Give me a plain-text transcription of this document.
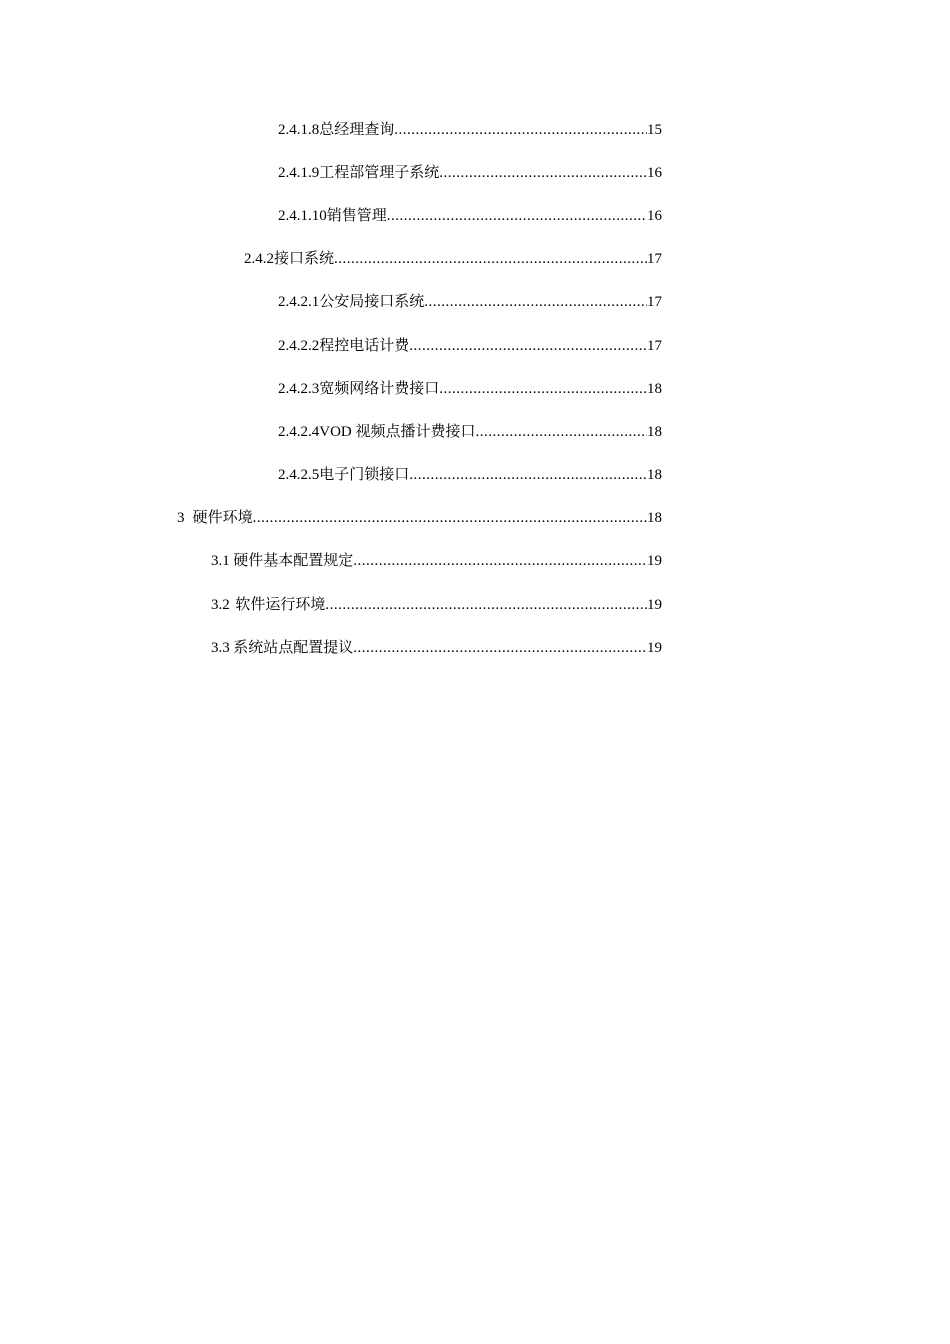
2.4.1.8 总经理查询 .....	15
2.4.1.9 工程部管理子系统 .....	16
2.4.1.10 销售管理 .....	16
2.4.2 接口系统 .....	17
2.4.2.1 公安局接口系统 .....	17
2.4.2.2 程控电话计费 .....	17
2.4.2.3 宽频网络计费接口 .....	18
2.4.2.4 VOD 视频点播计费接口 .....	18
2.4.2.5 电子门锁接口 .....	18
3 硬件环境 .....	18
3.1 硬件基本配置规定 .....	19
3.2 软件运行环境 .....	19
3.3 系统站点配置提议 .....	19
